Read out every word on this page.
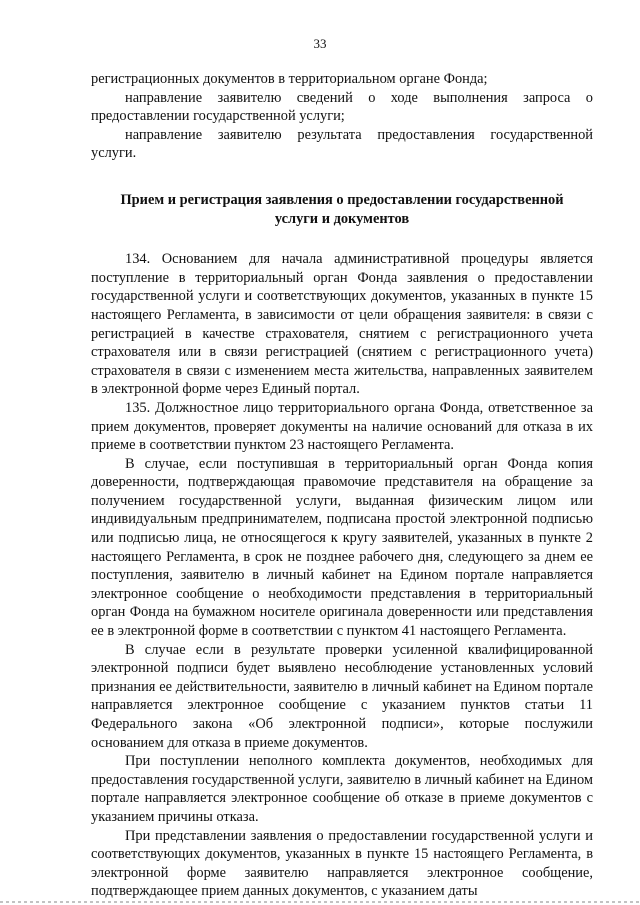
33

регистрационных документов в территориальном органе Фонда;

направление заявителю сведений о ходе выполнения запроса о предоставлении государственной услуги;

направление заявителю результата предоставления государственной услуги.

Прием и регистрация заявления о предоставлении государственной услуги и документов

134. Основанием для начала административной процедуры является поступление в территориальный орган Фонда заявления о предоставлении государственной услуги и соответствующих документов, указанных в пункте 15 настоящего Регламента, в зависимости от цели обращения заявителя: в связи с регистрацией в качестве страхователя, снятием с регистрационного учета страхователя или в связи регистрацией (снятием с регистрационного учета) страхователя в связи с изменением места жительства, направленных заявителем в электронной форме через Единый портал.

135. Должностное лицо территориального органа Фонда, ответственное за прием документов, проверяет документы на наличие оснований для отказа в их приеме в соответствии пунктом 23 настоящего Регламента.

В случае, если поступившая в территориальный орган Фонда копия доверенности, подтверждающая правомочие представителя на обращение за получением государственной услуги, выданная физическим лицом или индивидуальным предпринимателем, подписана простой электронной подписью или подписью лица, не относящегося к кругу заявителей, указанных в пункте 2 настоящего Регламента, в срок не позднее рабочего дня, следующего за днем ее поступления, заявителю в личный кабинет на Едином портале направляется электронное сообщение о необходимости представления в территориальный орган Фонда на бумажном носителе оригинала доверенности или представления ее в электронной форме в соответствии с пунктом 41 настоящего Регламента.

В случае если в результате проверки усиленной квалифицированной электронной подписи будет выявлено несоблюдение установленных условий признания ее действительности, заявителю в личный кабинет на Едином портале направляется электронное сообщение с указанием пунктов статьи 11 Федерального закона «Об электронной подписи», которые послужили основанием для отказа в приеме документов.

При поступлении неполного комплекта документов, необходимых для предоставления государственной услуги, заявителю в личный кабинет на Едином портале направляется электронное сообщение об отказе в приеме документов с указанием причины отказа.

При представлении заявления о предоставлении государственной услуги и соответствующих документов, указанных в пункте 15 настоящего Регламента, в электронной форме заявителю направляется электронное сообщение, подтверждающее прием данных документов, с указанием даты
